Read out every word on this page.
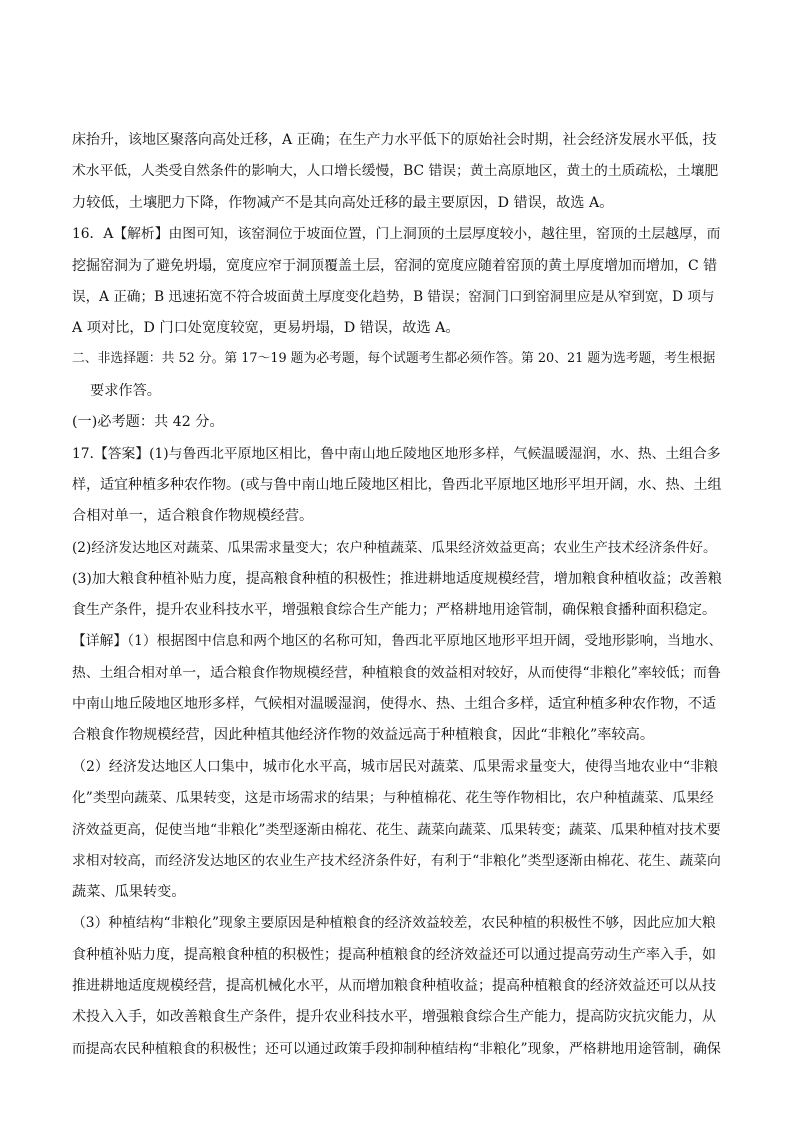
床抬升，该地区聚落向高处迁移，A 正确；在生产力水平低下的原始社会时期，社会经济发展水平低，技
术水平低，人类受自然条件的影响大，人口增长缓慢，BC 错误；黄土高原地区，黄土的土质疏松，土壤肥
力较低，土壤肥力下降，作物减产不是其向高处迁移的最主要原因，D 错误，故选 A。
16．A【解析】由图可知，该窑洞位于坡面位置，门上洞顶的土层厚度较小，越往里，窑顶的土层越厚，而
挖掘窑洞为了避免坍塌，宽度应窄于洞顶覆盖土层，窑洞的宽度应随着窑顶的黄土厚度增加而增加，C 错
误，A 正确；B 迅速拓宽不符合坡面黄土厚度变化趋势，B 错误；窑洞门口到窑洞里应是从窄到宽，D 项与
A 项对比，D 门口处宽度较宽，更易坍塌，D 错误，故选 A。
二、非选择题：共 52 分。第 17～19 题为必考题，每个试题考生都必须作答。第 20、21 题为选考题，考生根据
要求作答。
(一)必考题：共 42 分。
17.【答案】(1)与鲁西北平原地区相比，鲁中南山地丘陵地区地形多样，气候温暖湿润，水、热、土组合多
样，适宜种植多种农作物。(或与鲁中南山地丘陵地区相比，鲁西北平原地区地形平坦开阔，水、热、土组
合相对单一，适合粮食作物规模经营。
(2)经济发达地区对蔬菜、瓜果需求量变大；农户种植蔬菜、瓜果经济效益更高；农业生产技术经济条件好。
(3)加大粮食种植补贴力度，提高粮食种植的积极性；推进耕地适度规模经营，增加粮食种植收益；改善粮
食生产条件，提升农业科技水平，增强粮食综合生产能力；严格耕地用途管制，确保粮食播种面积稳定。
【详解】（1）根据图中信息和两个地区的名称可知，鲁西北平原地区地形平坦开阔，受地形影响，当地水、
热、土组合相对单一，适合粮食作物规模经营，种植粮食的效益相对较好，从而使得“非粮化”率较低；而鲁
中南山地丘陵地区地形多样，气候相对温暖湿润，使得水、热、土组合多样，适宜种植多种农作物，不适
合粮食作物规模经营，因此种植其他经济作物的效益远高于种植粮食，因此“非粮化”率较高。
（2）经济发达地区人口集中，城市化水平高，城市居民对蔬菜、瓜果需求量变大，使得当地农业中“非粮
化”类型向蔬菜、瓜果转变，这是市场需求的结果；与种植棉花、花生等作物相比，农户种植蔬菜、瓜果经
济效益更高，促使当地“非粮化”类型逐渐由棉花、花生、蔬菜向蔬菜、瓜果转变；蔬菜、瓜果种植对技术要
求相对较高，而经济发达地区的农业生产技术经济条件好，有利于“非粮化”类型逐渐由棉花、花生、蔬菜向
蔬菜、瓜果转变。
（3）种植结构“非粮化”现象主要原因是种植粮食的经济效益较差，农民种植的积极性不够，因此应加大粮
食种植补贴力度，提高粮食种植的积极性；提高种植粮食的经济效益还可以通过提高劳动生产率入手，如
推进耕地适度规模经营，提高机械化水平，从而增加粮食种植收益；提高种植粮食的经济效益还可以从技
术投入入手，如改善粮食生产条件，提升农业科技水平，增强粮食综合生产能力，提高防灾抗灾能力，从
而提高农民种植粮食的积极性；还可以通过政策手段抑制种植结构“非粮化”现象，严格耕地用途管制，确保
